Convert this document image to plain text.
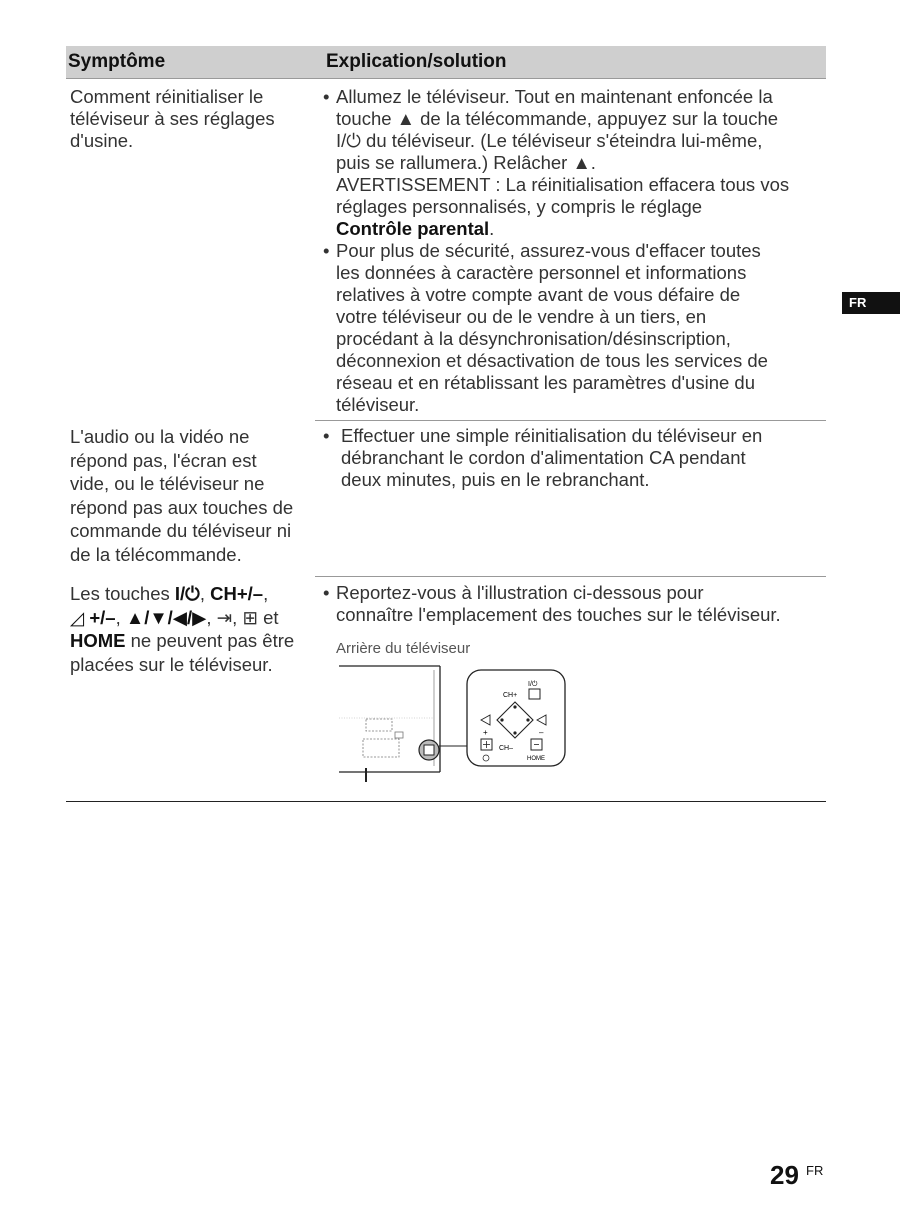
Symptôme	Explication/solution
Comment réinitialiser le
téléviseur à ses réglages
d'usine.
• Allumez le téléviseur. Tout en maintenant enfoncée la
touche ▲ de la télécommande, appuyez sur la touche
I/⏻ du téléviseur. (Le téléviseur s'éteindra lui-même,
puis se rallumera.) Relâcher ▲.
AVERTISSEMENT : La réinitialisation effacera tous vos
réglages personnalisés, y compris le réglage
Contrôle parental.
• Pour plus de sécurité, assurez-vous d'effacer toutes
les données à caractère personnel et informations
relatives à votre compte avant de vous défaire de
votre téléviseur ou de le vendre à un tiers, en
procédant à la désynchronisation/désinscription,
déconnexion et désactivation de tous les services de
réseau et en rétablissant les paramètres d'usine du
téléviseur.
L'audio ou la vidéo ne
répond pas, l'écran est
vide, ou le téléviseur ne
répond pas aux touches de
commande du téléviseur ni
de la télécommande.
• Effectuer une simple réinitialisation du téléviseur en
débranchant le cordon d'alimentation CA pendant
deux minutes, puis en le rebranchant.
Les touches I/⏻, CH+/–,
◿ +/–, ▲/▼/◀/▶, ⇥, ⊞ et
HOME ne peuvent pas être
placées sur le téléviseur.
• Reportez-vous à l'illustration ci-dessous pour
connaître l'emplacement des touches sur le téléviseur.
Arrière du téléviseur
I/⏻
CH+
+	–
CH–
HOME
FR
29 FR
